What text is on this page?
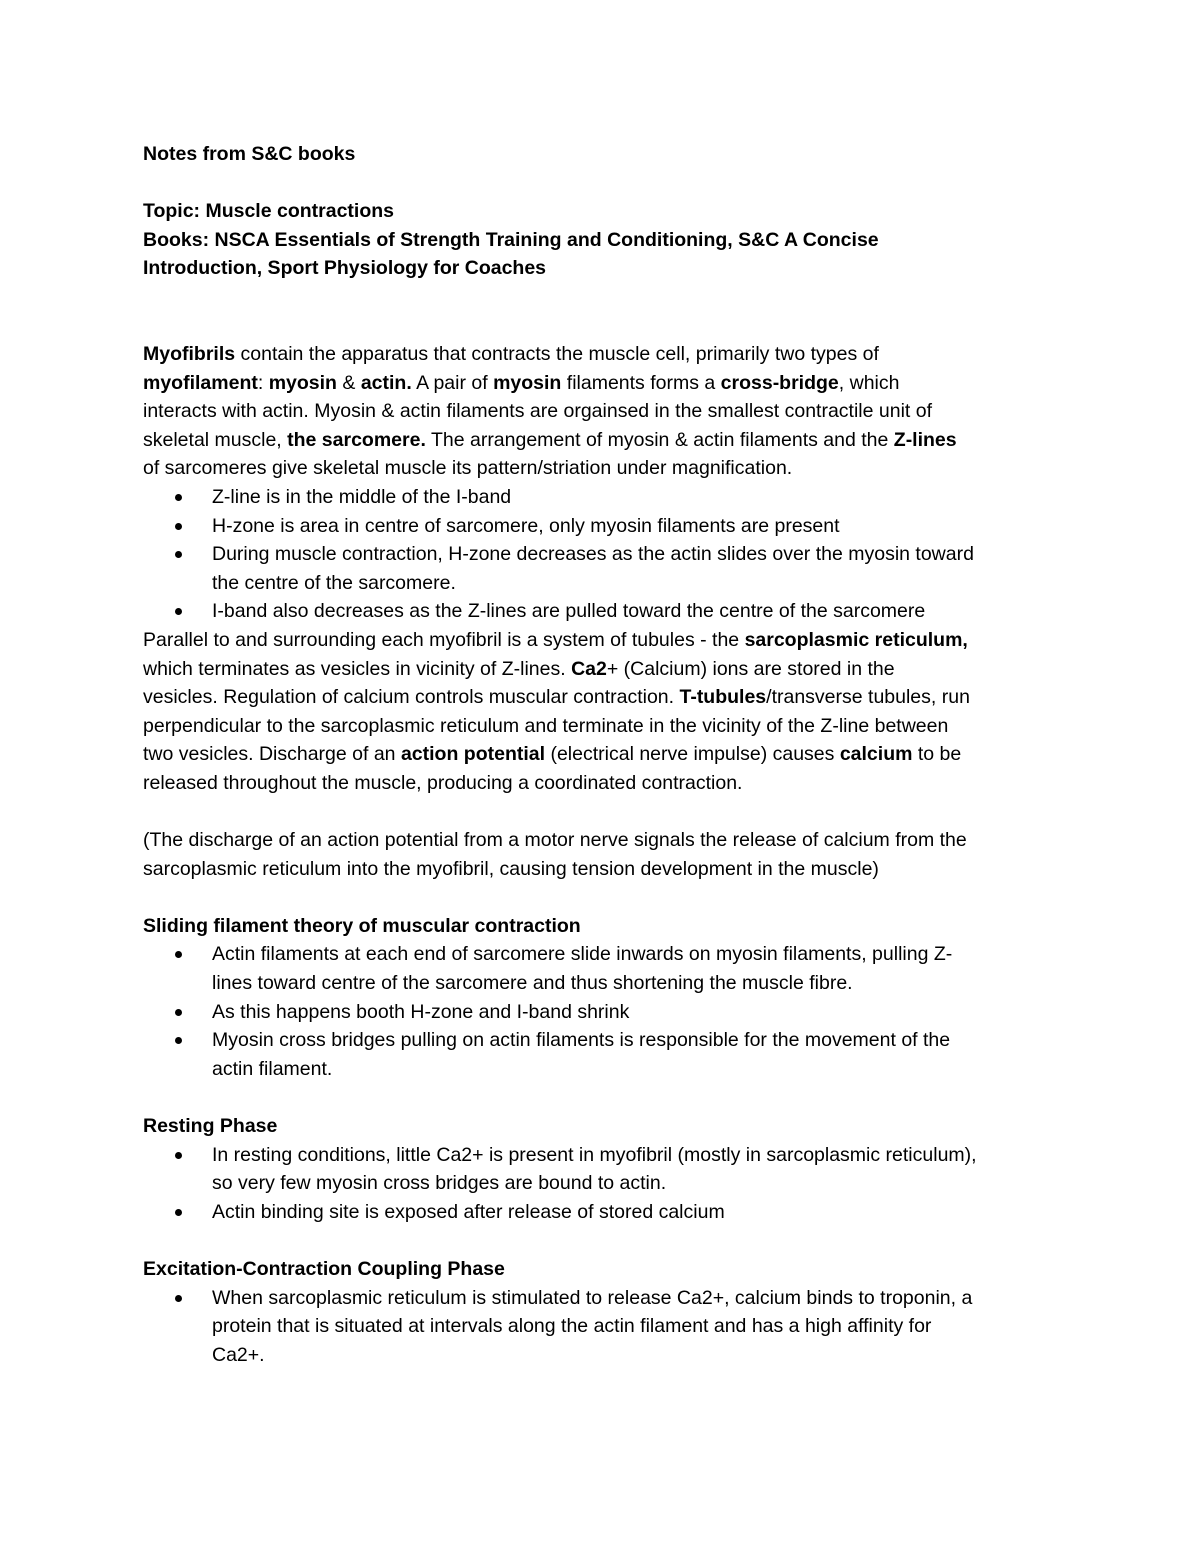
Notes from S&C books
Topic: Muscle contractions
Books: NSCA Essentials of Strength Training and Conditioning, S&C A Concise
Introduction, Sport Physiology for Coaches
Myofibrils contain the apparatus that contracts the muscle cell, primarily two types of
myofilament: myosin & actin. A pair of myosin filaments forms a cross-bridge, which
interacts with actin. Myosin & actin filaments are orgainsed in the smallest contractile unit of
skeletal muscle, the sarcomere. The arrangement of myosin & actin filaments and the Z-lines
of sarcomeres give skeletal muscle its pattern/striation under magnification.
Z-line is in the middle of the I-band
H-zone is area in centre of sarcomere, only myosin filaments are present
During muscle contraction, H-zone decreases as the actin slides over the myosin toward
the centre of the sarcomere.
I-band also decreases as the Z-lines are pulled toward the centre of the sarcomere
Parallel to and surrounding each myofibril is a system of tubules - the sarcoplasmic reticulum,
which terminates as vesicles in vicinity of Z-lines. Ca2+ (Calcium) ions are stored in the
vesicles. Regulation of calcium controls muscular contraction. T-tubules/transverse tubules, run
perpendicular to the sarcoplasmic reticulum and terminate in the vicinity of the Z-line between
two vesicles. Discharge of an action potential (electrical nerve impulse) causes calcium to be
released throughout the muscle, producing a coordinated contraction.
(The discharge of an action potential from a motor nerve signals the release of calcium from the
sarcoplasmic reticulum into the myofibril, causing tension development in the muscle)
Sliding filament theory of muscular contraction
Actin filaments at each end of sarcomere slide inwards on myosin filaments, pulling Z-
lines toward centre of the sarcomere and thus shortening the muscle fibre.
As this happens booth H-zone and I-band shrink
Myosin cross bridges pulling on actin filaments is responsible for the movement of the
actin filament.
Resting Phase
In resting conditions, little Ca2+ is present in myofibril (mostly in sarcoplasmic reticulum),
so very few myosin cross bridges are bound to actin.
Actin binding site is exposed after release of stored calcium
Excitation-Contraction Coupling Phase
When sarcoplasmic reticulum is stimulated to release Ca2+, calcium binds to troponin, a
protein that is situated at intervals along the actin filament and has a high affinity for
Ca2+.
